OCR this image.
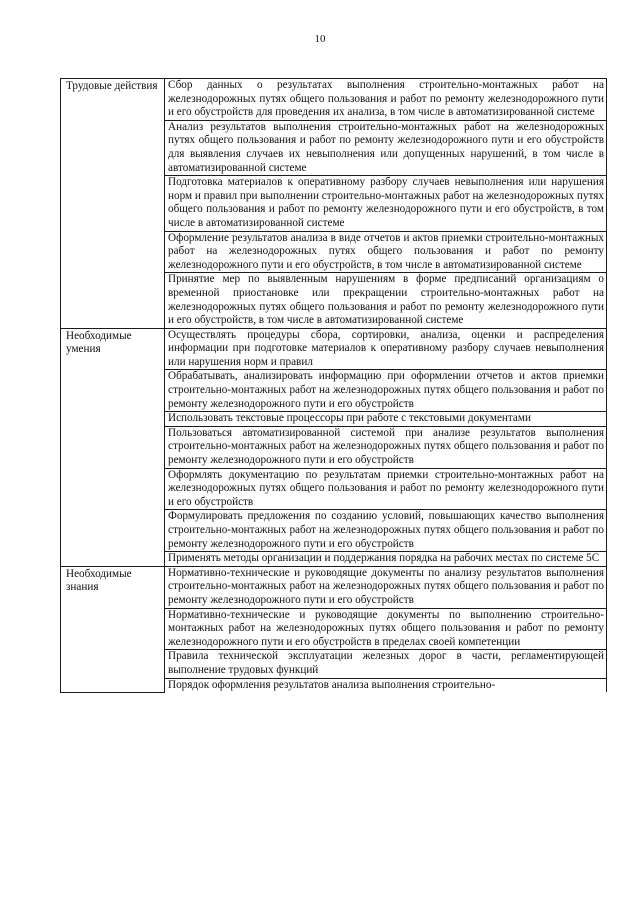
10
Трудовые действия	Сбор данных о результатах выполнения строительно-монтажных работ на железнодорожных путях общего пользования и работ по ремонту железнодорожного пути и его обустройств для проведения их анализа, в том числе в автоматизированной системе
	Анализ результатов выполнения строительно-монтажных работ на железнодорожных путях общего пользования и работ по ремонту железнодорожного пути и его обустройств для выявления случаев их невыполнения или допущенных нарушений, в том числе в автоматизированной системе
	Подготовка материалов к оперативному разбору случаев невыполнения или нарушения норм и правил при выполнении строительно-монтажных работ на железнодорожных путях общего пользования и работ по ремонту железнодорожного пути и его обустройств, в том числе в автоматизированной системе
	Оформление результатов анализа в виде отчетов и актов приемки строительно-монтажных работ на железнодорожных путях общего пользования и работ по ремонту железнодорожного пути и его обустройств, в том числе в автоматизированной системе
	Принятие мер по выявленным нарушениям в форме предписаний организациям о временной приостановке или прекращении строительно-монтажных работ на железнодорожных путях общего пользования и работ по ремонту железнодорожного пути и его обустройств, в том числе в автоматизированной системе
Необходимые умения	Осуществлять процедуры сбора, сортировки, анализа, оценки и распределения информации при подготовке материалов к оперативному разбору случаев невыполнения или нарушения норм и правил
	Обрабатывать, анализировать информацию при оформлении отчетов и актов приемки строительно-монтажных работ на железнодорожных путях общего пользования и работ по ремонту железнодорожного пути и его обустройств
	Использовать текстовые процессоры при работе с текстовыми документами
	Пользоваться автоматизированной системой при анализе результатов выполнения строительно-монтажных работ на железнодорожных путях общего пользования и работ по ремонту железнодорожного пути и его обустройств
	Оформлять документацию по результатам приемки строительно-монтажных работ на железнодорожных путях общего пользования и работ по ремонту железнодорожного пути и его обустройств
	Формулировать предложения по созданию условий, повышающих качество выполнения строительно-монтажных работ на железнодорожных путях общего пользования и работ по ремонту железнодорожного пути и его обустройств
	Применять методы организации и поддержания порядка на рабочих местах по системе 5С
Необходимые знания	Нормативно-технические и руководящие документы по анализу результатов выполнения строительно-монтажных работ на железнодорожных путях общего пользования и работ по ремонту железнодорожного пути и его обустройств
	Нормативно-технические и руководящие документы по выполнению строительно-монтажных работ на железнодорожных путях общего пользования и работ по ремонту железнодорожного пути и его обустройств в пределах своей компетенции
	Правила технической эксплуатации железных дорог в части, регламентирующей выполнение трудовых функций
	Порядок оформления результатов анализа выполнения строительно-
